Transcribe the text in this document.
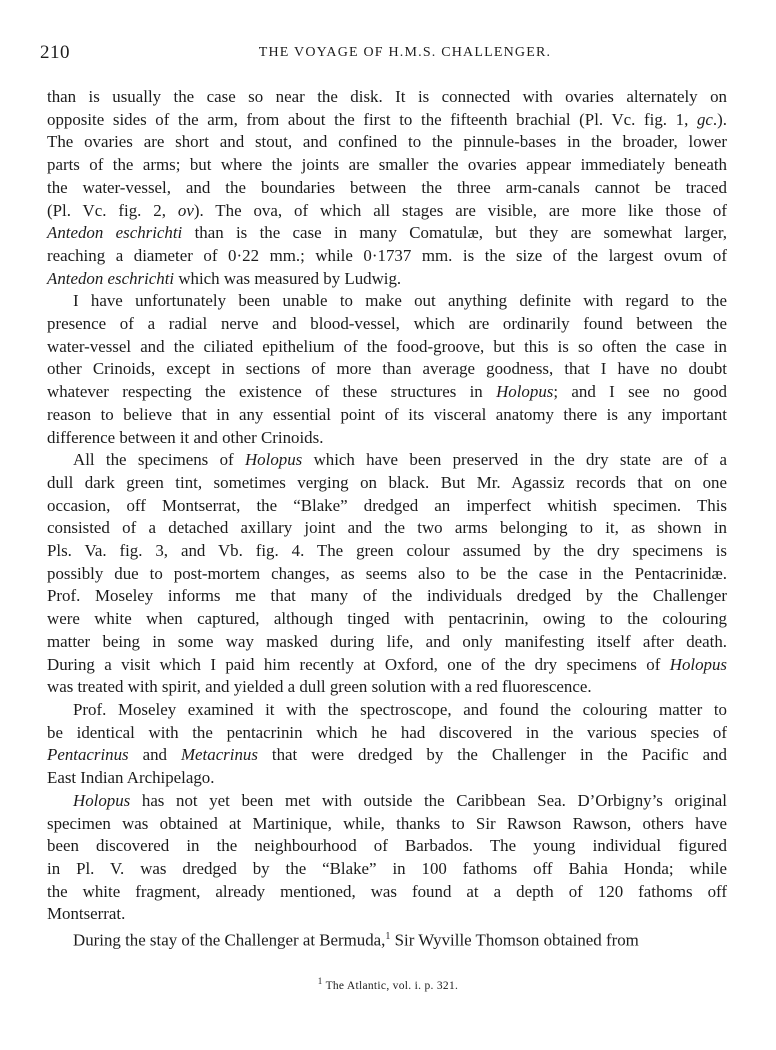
210	THE VOYAGE OF H.M.S. CHALLENGER.
than is usually the case so near the disk. It is connected with ovaries alternately on
opposite sides of the arm, from about the first to the fifteenth brachial (Pl. Vc. fig. 1, gc.).
The ovaries are short and stout, and confined to the pinnule-bases in the broader, lower
parts of the arms; but where the joints are smaller the ovaries appear immediately beneath
the water-vessel, and the boundaries between the three arm-canals cannot be traced
(Pl. Vc. fig. 2, ov). The ova, of which all stages are visible, are more like those of
Antedon eschrichti than is the case in many Comatulæ, but they are somewhat larger,
reaching a diameter of 0·22 mm.; while 0·1737 mm. is the size of the largest ovum of
Antedon eschrichti which was measured by Ludwig.
I have unfortunately been unable to make out anything definite with regard to the
presence of a radial nerve and blood-vessel, which are ordinarily found between the
water-vessel and the ciliated epithelium of the food-groove, but this is so often the case in
other Crinoids, except in sections of more than average goodness, that I have no doubt
whatever respecting the existence of these structures in Holopus; and I see no good
reason to believe that in any essential point of its visceral anatomy there is any important
difference between it and other Crinoids.
All the specimens of Holopus which have been preserved in the dry state are of a
dull dark green tint, sometimes verging on black. But Mr. Agassiz records that on one
occasion, off Montserrat, the “Blake” dredged an imperfect whitish specimen. This
consisted of a detached axillary joint and the two arms belonging to it, as shown in
Pls. Va. fig. 3, and Vb. fig. 4. The green colour assumed by the dry specimens is
possibly due to post-mortem changes, as seems also to be the case in the Pentacrinidæ.
Prof. Moseley informs me that many of the individuals dredged by the Challenger
were white when captured, although tinged with pentacrinin, owing to the colouring
matter being in some way masked during life, and only manifesting itself after death.
During a visit which I paid him recently at Oxford, one of the dry specimens of Holopus
was treated with spirit, and yielded a dull green solution with a red fluorescence.
Prof. Moseley examined it with the spectroscope, and found the colouring matter to
be identical with the pentacrinin which he had discovered in the various species of
Pentacrinus and Metacrinus that were dredged by the Challenger in the Pacific and
East Indian Archipelago.
Holopus has not yet been met with outside the Caribbean Sea. D’Orbigny’s original
specimen was obtained at Martinique, while, thanks to Sir Rawson Rawson, others have
been discovered in the neighbourhood of Barbados. The young individual figured
in Pl. V. was dredged by the “Blake” in 100 fathoms off Bahia Honda; while
the white fragment, already mentioned, was found at a depth of 120 fathoms off
Montserrat.
During the stay of the Challenger at Bermuda,$^1$ Sir Wyville Thomson obtained from
$^1$ The Atlantic, vol. i. p. 321.
